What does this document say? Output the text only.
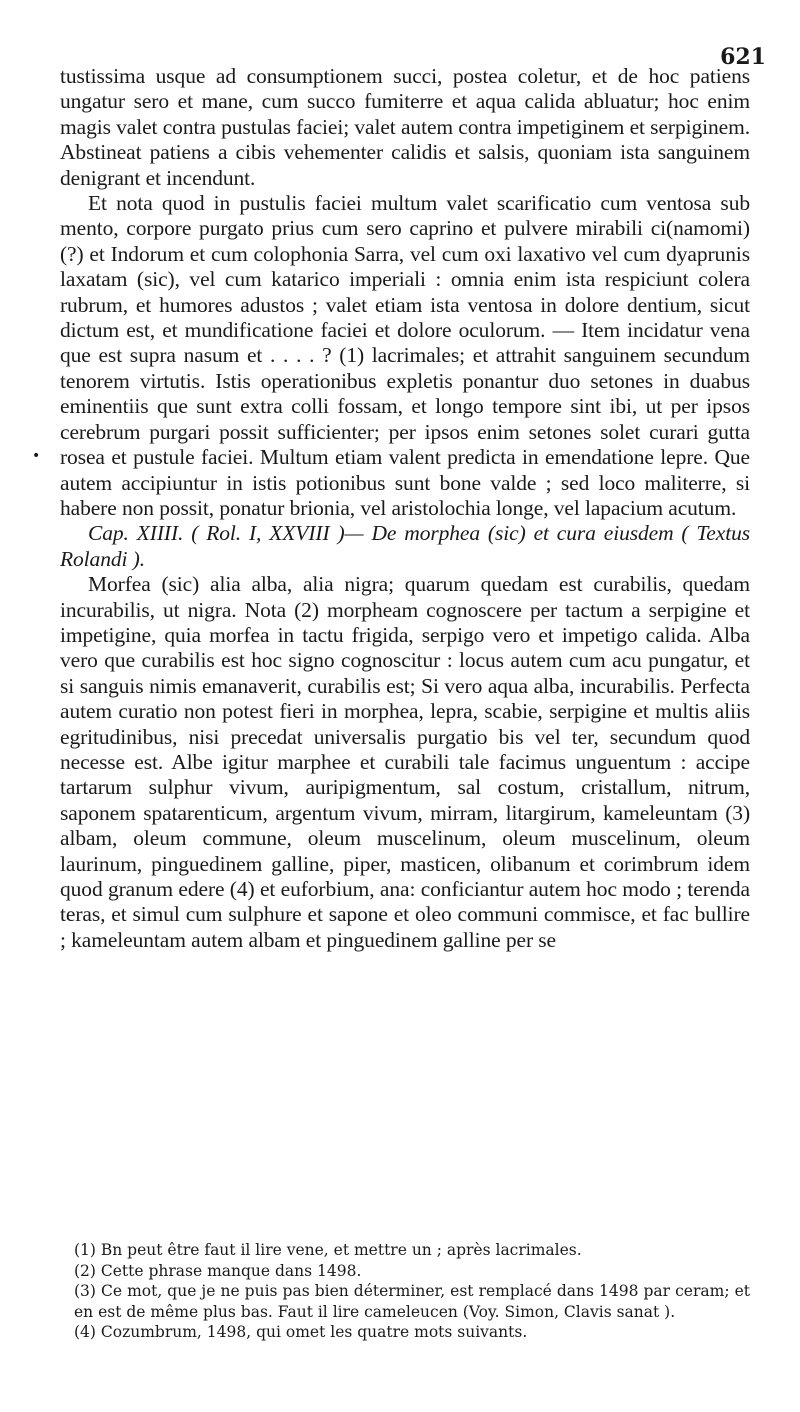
621
•

tustissima usque ad consumptionem succi, postea coletur, et de hoc patiens ungatur sero et mane, cum succo fumiterre et aqua calida abluatur; hoc enim magis valet contra pustulas faciei; valet autem contra impetiginem et serpiginem. Abstineat patiens a cibis vehementer calidis et salsis, quoniam ista sanguinem denigrant et incendunt.

Et nota quod in pustulis faciei multum valet scarificatio cum ventosa sub mento, corpore purgato prius cum sero caprino et pulvere mirabili ci(namomi) (?) et Indorum et cum colophonia Sarra, vel cum oxi laxativo vel cum dyaprunis laxatam (sic), vel cum katarico imperiali : omnia enim ista respiciunt colera rubrum, et humores adustos ; valet etiam ista ventosa in dolore dentium, sicut dictum est, et mundificatione faciei et dolore oculorum. — Item incidatur vena que est supra nasum et . . . . ? (1) lacrimales; et attrahit sanguinem secundum tenorem virtutis. Istis operationibus expletis ponantur duo setones in duabus eminentiis que sunt extra colli fossam, et longo tempore sint ibi, ut per ipsos cerebrum purgari possit sufficienter; per ipsos enim setones solet curari gutta rosea et pustule faciei. Multum etiam valent predicta in emendatione lepre. Que autem accipiuntur in istis potionibus sunt bone valde ; sed loco maliterre, si habere non possit, ponatur brionia, vel aristolochia longe, vel lapacium acutum.

Cap. XIIII. ( Rol. I, XXVIII )— De morphea (sic) et cura eiusdem ( Textus Rolandi ).

Morfea (sic) alia alba, alia nigra; quarum quedam est curabilis, quedam incurabilis, ut nigra. Nota (2) morpheam cognoscere per tactum a serpigine et impetigine, quia morfea in tactu frigida, serpigo vero et impetigo calida. Alba vero que curabilis est hoc signo cognoscitur : locus autem cum acu pungatur, et si sanguis nimis emanaverit, curabilis est; Si vero aqua alba, incurabilis. Perfecta autem curatio non potest fieri in morphea, lepra, scabie, serpigine et multis aliis egritudinibus, nisi precedat universalis purgatio bis vel ter, secundum quod necesse est. Albe igitur marphee et curabili tale facimus unguentum : accipe tartarum sulphur vivum, auripigmentum, sal costum, cristallum, nitrum, saponem spatarenticum, argentum vivum, mirram, litargirum, kameleuntam (3) albam, oleum commune, oleum muscelinum, oleum muscelinum, oleum laurinum, pinguedinem galline, piper, masticen, olibanum et corimbrum idem quod granum edere (4) et euforbium, ana: conficiantur autem hoc modo ; terenda teras, et simul cum sulphure et sapone et oleo communi commisce, et fac bullire ; kameleuntam autem albam et pinguedinem galline per se

(1) Bn peut être faut il lire vene, et mettre un ; après lacrimales.

(2) Cette phrase manque dans 1498.

(3) Ce mot, que je ne puis pas bien déterminer, est remplacé dans 1498 par ceram; et en est de même plus bas. Faut il lire cameleucen (Voy. Simon, Clavis sanat ).

(4) Cozumbrum, 1498, qui omet les quatre mots suivants.
